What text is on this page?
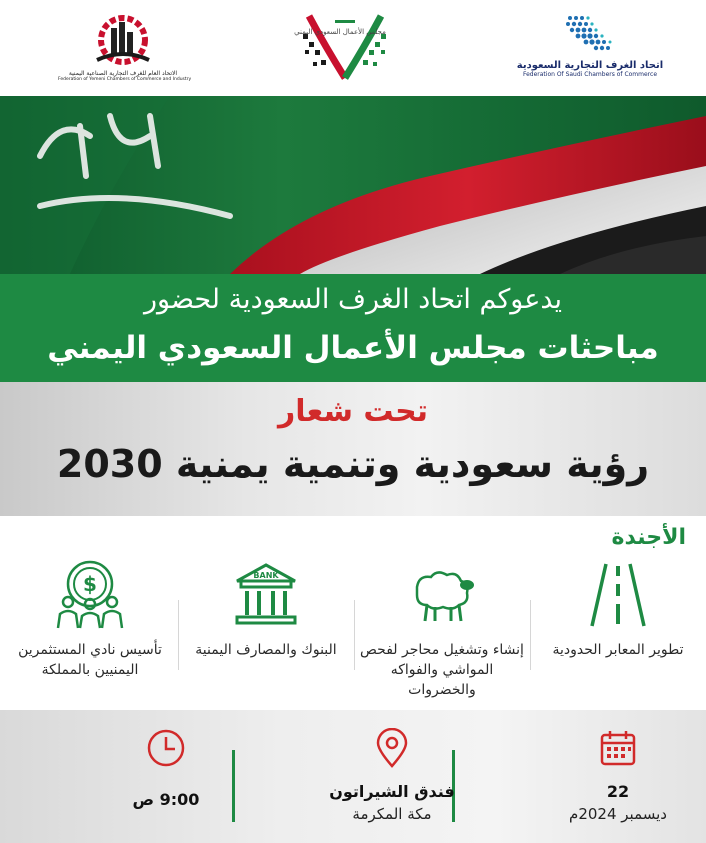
اتحاد الغرف التجارية السعودية
Federation Of Saudi Chambers of Commerce
مجلس الأعمال السعودي اليمني
الاتحاد العام للغرف التجارية الصناعية اليمنية
Federation of Yemeni Chambers of Commerce and Industry
يدعوكم اتحاد الغرف السعودية لحضور
مباحثات مجلس الأعمال السعودي اليمني
تحت شعار
رؤية سعودية وتنمية يمنية 2030
الأجندة
تطوير المعابر الحدودية
إنشاء وتشغيل محاجر لفحص المواشي والفواكه والخضروات
BANK
البنوك والمصارف اليمنية
$
تأسيس نادي المستثمرين اليمنيين بالمملكة
22
ديسمبر 2024م
فندق الشيراتون
مكة المكرمة
9:00 ص
